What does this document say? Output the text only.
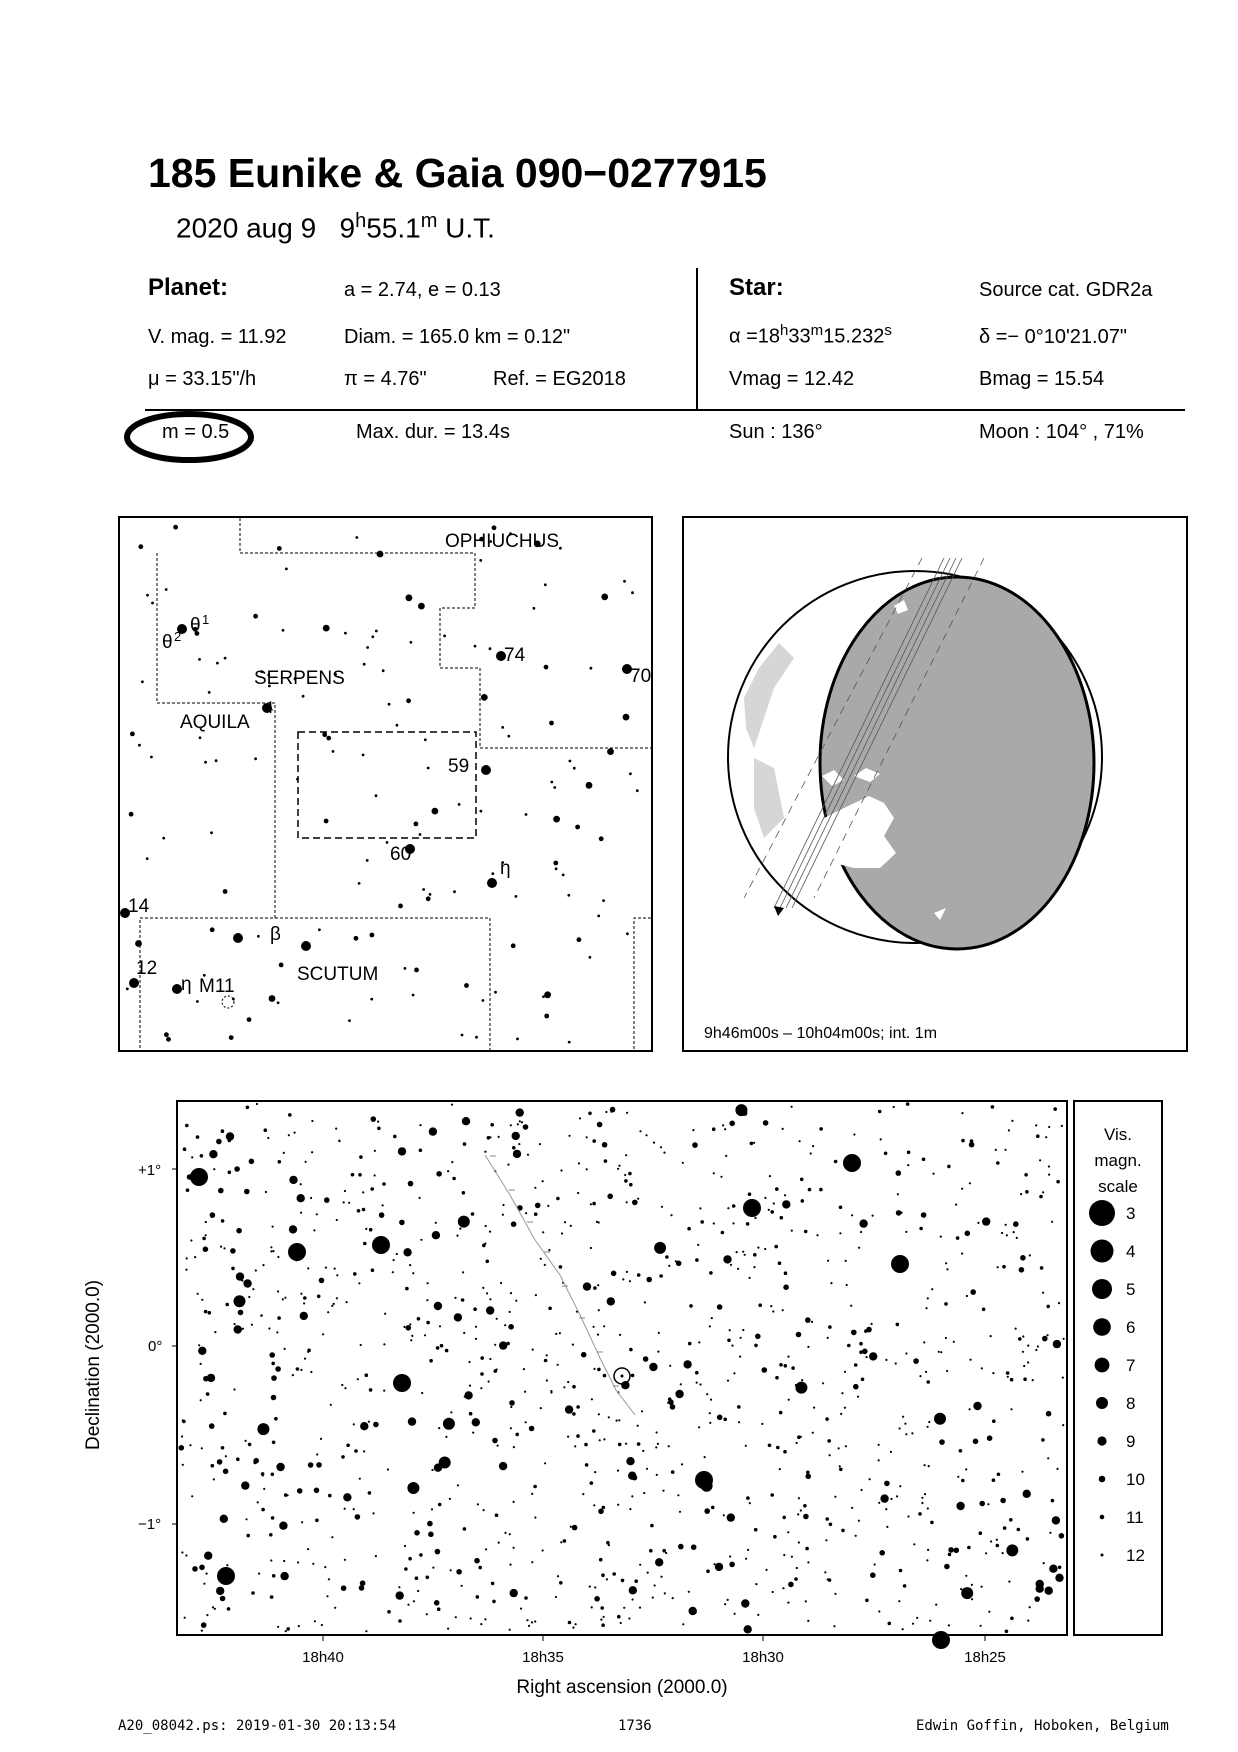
185 Eunike & Gaia 090−0277915
2020 aug 9 9$^h$55.1$^m$ U.T.
Planet:	a = 2.74, e = 0.13
V. mag. = 11.92	Diam. = 165.0 km = 0.12"
μ = 33.15"/h	π = 4.76"	Ref. = EG2018
m = 0.5	Max. dur. = 13.4s
Star:	Source cat. GDR2a
$\alpha =18^h33^m15.232^s$	δ =− 0°10'21.07"
Vmag = 12.42	Bmag = 15.54
Sun : 136°	Moon : 104° , 71%
OPHIUCHUS
SERPENS
AQUILA
SCUTUM
θ 1
θ 2
74
70
4
59
60
η
14
β
12
η M11
9h46m00s – 10h04m00s; int. 1m
+1°
0°
−1°
18h40	18h35	18h30	18h25
Right ascension (2000.0)
Declination (2000.0)
Vis.
magn.
scale
3
4
5
6
7
8
9
10
11
12
A20_08042.ps: 2019-01-30 20:13:54	1736	Edwin Goffin, Hoboken, Belgium
